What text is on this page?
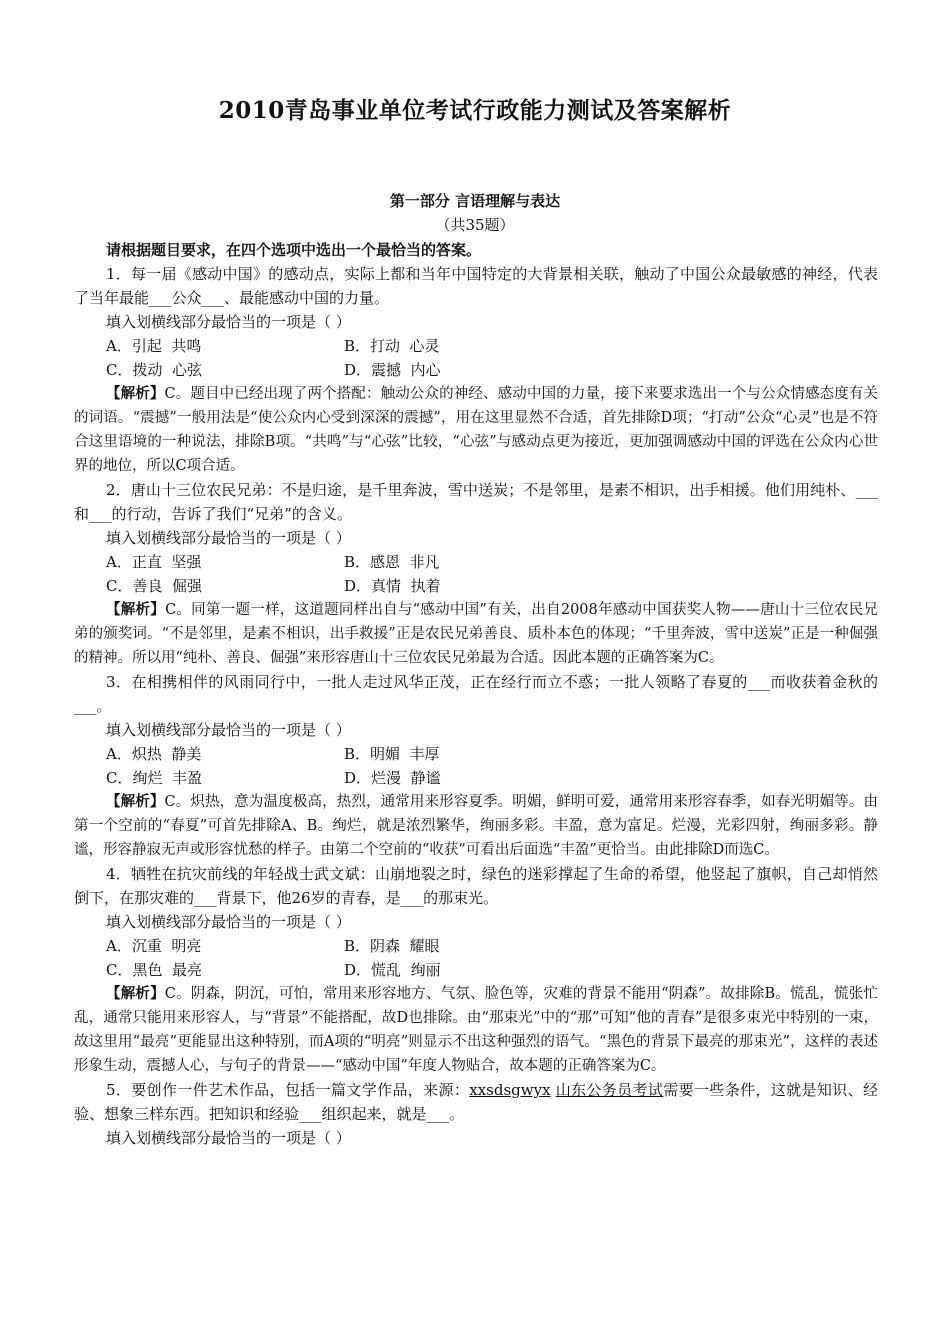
2010青岛事业单位考试行政能力测试及答案解析
第一部分 言语理解与表达
（共35题）

请根据题目要求，在四个选项中选出一个最恰当的答案。

1．每一届《感动中国》的感动点，实际上都和当年中国特定的大背景相关联，触动了中国公众最敏感的神经，代表了当年最能___公众___、最能感动中国的力量。

填入划横线部分最恰当的一项是（ ）

A．引起  共鸣	B．打动  心灵
C．拨动  心弦	D．震撼  内心

【解析】C。题目中已经出现了两个搭配：触动公众的神经、感动中国的力量，接下来要求选出一个与公众情感态度有关的词语。“震撼”一般用法是“使公众内心受到深深的震撼”，用在这里显然不合适，首先排除D项；“打动”公众“心灵”也是不符合这里语境的一种说法，排除B项。“共鸣”与“心弦”比较，“心弦”与感动点更为接近，更加强调感动中国的评选在公众内心世界的地位，所以C项合适。

2．唐山十三位农民兄弟：不是归途，是千里奔波，雪中送炭；不是邻里，是素不相识，出手相援。他们用纯朴、___和___的行动，告诉了我们“兄弟”的含义。

填入划横线部分最恰当的一项是（ ）

A．正直  坚强	B．感恩  非凡
C．善良  倔强	D．真情  执着

【解析】C。同第一题一样，这道题同样出自与“感动中国”有关，出自2008年感动中国获奖人物——唐山十三位农民兄弟的颁奖词。“不是邻里，是素不相识，出手救援”正是农民兄弟善良、质朴本色的体现；“千里奔波，雪中送炭”正是一种倔强的精神。所以用“纯朴、善良、倔强”来形容唐山十三位农民兄弟最为合适。因此本题的正确答案为C。

3．在相携相伴的风雨同行中，一批人走过风华正茂，正在经行而立不惑；一批人领略了春夏的___而收获着金秋的___。

填入划横线部分最恰当的一项是（ ）

A．炽热  静美	B．明媚  丰厚
C．绚烂  丰盈	D．烂漫  静谧

【解析】C。炽热，意为温度极高，热烈，通常用来形容夏季。明媚，鲜明可爱，通常用来形容春季，如春光明媚等。由第一个空前的“春夏”可首先排除A、B。绚烂，就是浓烈繁华，绚丽多彩。丰盈，意为富足。烂漫，光彩四射，绚丽多彩。静谧，形容静寂无声或形容忧愁的样子。由第二个空前的“收获”可看出后面选“丰盈”更恰当。由此排除D而选C。

4．牺牲在抗灾前线的年轻战士武文斌：山崩地裂之时，绿色的迷彩撑起了生命的希望，他竖起了旗帜，自己却悄然倒下，在那灾难的___背景下，他26岁的青春，是___的那束光。

填入划横线部分最恰当的一项是（ ）

A．沉重  明亮	B．阴森  耀眼
C．黑色  最亮	D．慌乱  绚丽

【解析】C。阴森，阴沉，可怕，常用来形容地方、气氛、脸色等，灾难的背景不能用“阴森”。故排除B。慌乱，慌张忙乱，通常只能用来形容人，与“背景”不能搭配，故D也排除。由“那束光”中的“那”可知“他的青春”是很多束光中特别的一束，故这里用“最亮”更能显出这种特别，而A项的“明亮”则显示不出这种强烈的语气。“黑色的背景下最亮的那束光”，这样的表述形象生动，震撼人心，与句子的背景——“感动中国”年度人物贴合，故本题的正确答案为C。

5．要创作一件艺术作品，包括一篇文学作品，来源：xxsdsgwyx 山东公务员考试需要一些条件，这就是知识、经验、想象三样东西。把知识和经验___组织起来，就是___。

填入划横线部分最恰当的一项是（ ）
